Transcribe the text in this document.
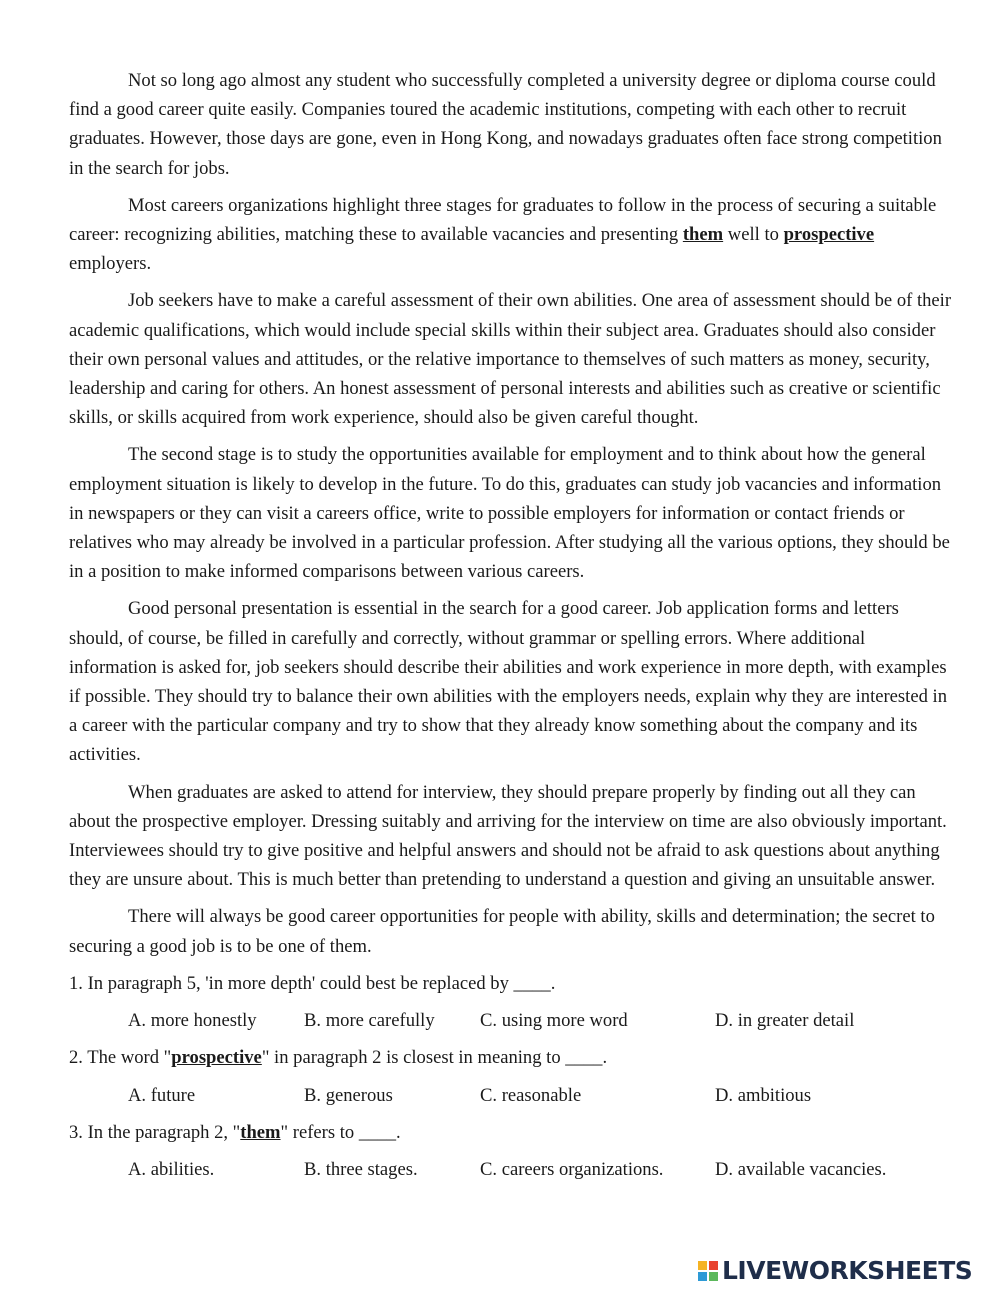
Not so long ago almost any student who successfully completed a university degree or diploma course could find a good career quite easily. Companies toured the academic institutions, competing with each other to recruit graduates. However, those days are gone, even in Hong Kong, and nowadays graduates often face strong competition in the search for jobs.

Most careers organizations highlight three stages for graduates to follow in the process of securing a suitable career: recognizing abilities, matching these to available vacancies and presenting them well to prospective employers.

Job seekers have to make a careful assessment of their own abilities. One area of assessment should be of their academic qualifications, which would include special skills within their subject area. Graduates should also consider their own personal values and attitudes, or the relative importance to themselves of such matters as money, security, leadership and caring for others. An honest assessment of personal interests and abilities such as creative or scientific skills, or skills acquired from work experience, should also be given careful thought.

The second stage is to study the opportunities available for employment and to think about how the general employment situation is likely to develop in the future. To do this, graduates can study job vacancies and information in newspapers or they can visit a careers office, write to possible employers for information or contact friends or relatives who may already be involved in a particular profession. After studying all the various options, they should be in a position to make informed comparisons between various careers.

Good personal presentation is essential in the search for a good career. Job application forms and letters should, of course, be filled in carefully and correctly, without grammar or spelling errors. Where additional information is asked for, job seekers should describe their abilities and work experience in more depth, with examples if possible. They should try to balance their own abilities with the employers needs, explain why they are interested in a career with the particular company and try to show that they already know something about the company and its activities.

When graduates are asked to attend for interview, they should prepare properly by finding out all they can about the prospective employer. Dressing suitably and arriving for the interview on time are also obviously important. Interviewees should try to give positive and helpful answers and should not be afraid to ask questions about anything they are unsure about. This is much better than pretending to understand a question and giving an unsuitable answer.

There will always be good career opportunities for people with ability, skills and determination; the secret to securing a good job is to be one of them.

1. In paragraph 5, 'in more depth' could best be replaced by ____.
A. more honestly	B. more carefully	C. using more word	D. in greater detail
2. The word "prospective" in paragraph 2 is closest in meaning to ____.
A. future	B. generous	C. reasonable	D. ambitious
3. In the paragraph 2, "them" refers to ____.
A. abilities.	B. three stages.	C. careers organizations.	D. available vacancies.
LIVEWORKSHEETS
